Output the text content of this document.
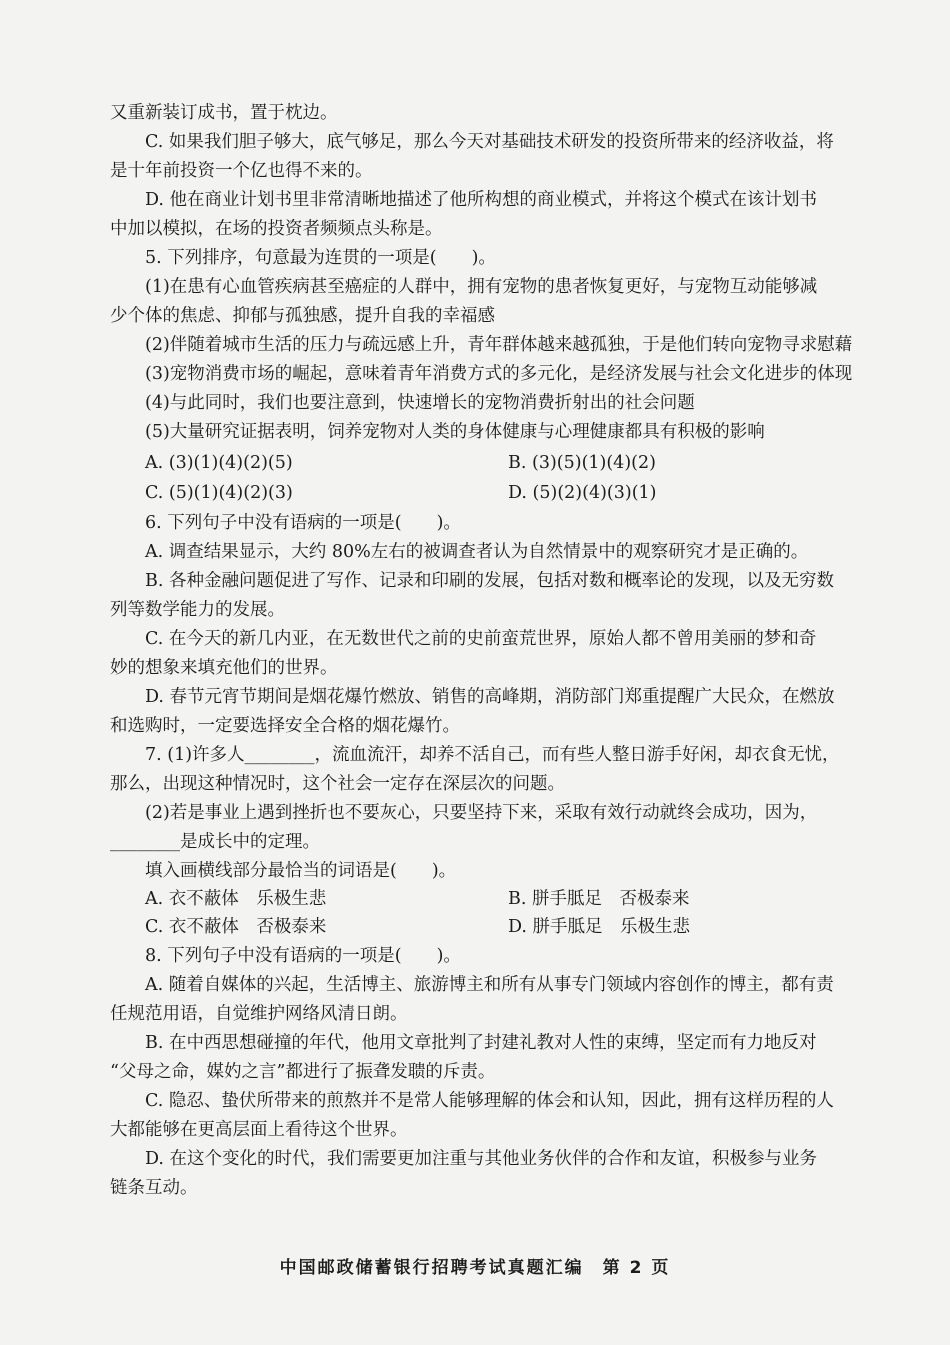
又重新装订成书，置于枕边。
C. 如果我们胆子够大，底气够足，那么今天对基础技术研发的投资所带来的经济收益，将
是十年前投资一个亿也得不来的。
D. 他在商业计划书里非常清晰地描述了他所构想的商业模式，并将这个模式在该计划书
中加以模拟，在场的投资者频频点头称是。
5. 下列排序，句意最为连贯的一项是(　　)。
(1)在患有心血管疾病甚至癌症的人群中，拥有宠物的患者恢复更好，与宠物互动能够减
少个体的焦虑、抑郁与孤独感，提升自我的幸福感
(2)伴随着城市生活的压力与疏远感上升，青年群体越来越孤独，于是他们转向宠物寻求慰藉
(3)宠物消费市场的崛起，意味着青年消费方式的多元化，是经济发展与社会文化进步的体现
(4)与此同时，我们也要注意到，快速增长的宠物消费折射出的社会问题
(5)大量研究证据表明，饲养宠物对人类的身体健康与心理健康都具有积极的影响
A. (3)(1)(4)(2)(5)	B. (3)(5)(1)(4)(2)
C. (5)(1)(4)(2)(3)	D. (5)(2)(4)(3)(1)
6. 下列句子中没有语病的一项是(　　)。
A. 调查结果显示，大约 80%左右的被调查者认为自然情景中的观察研究才是正确的。
B. 各种金融问题促进了写作、记录和印刷的发展，包括对数和概率论的发现，以及无穷数
列等数学能力的发展。
C. 在今天的新几内亚，在无数世代之前的史前蛮荒世界，原始人都不曾用美丽的梦和奇
妙的想象来填充他们的世界。
D. 春节元宵节期间是烟花爆竹燃放、销售的高峰期，消防部门郑重提醒广大民众，在燃放
和选购时，一定要选择安全合格的烟花爆竹。
7. (1)许多人________，流血流汗，却养不活自己，而有些人整日游手好闲，却衣食无忧，
那么，出现这种情况时，这个社会一定存在深层次的问题。
(2)若是事业上遇到挫折也不要灰心，只要坚持下来，采取有效行动就终会成功，因为，
________是成长中的定理。
填入画横线部分最恰当的词语是(　　)。
A. 衣不蔽体　乐极生悲	B. 胼手胝足　否极泰来
C. 衣不蔽体　否极泰来	D. 胼手胝足　乐极生悲
8. 下列句子中没有语病的一项是(　　)。
A. 随着自媒体的兴起，生活博主、旅游博主和所有从事专门领域内容创作的博主，都有责
任规范用语，自觉维护网络风清日朗。
B. 在中西思想碰撞的年代，他用文章批判了封建礼教对人性的束缚，坚定而有力地反对
“父母之命，媒妁之言”都进行了振聋发聩的斥责。
C. 隐忍、蛰伏所带来的煎熬并不是常人能够理解的体会和认知，因此，拥有这样历程的人
大都能够在更高层面上看待这个世界。
D. 在这个变化的时代，我们需要更加注重与其他业务伙伴的合作和友谊，积极参与业务
链条互动。
中国邮政储蓄银行招聘考试真题汇编　第 2 页
